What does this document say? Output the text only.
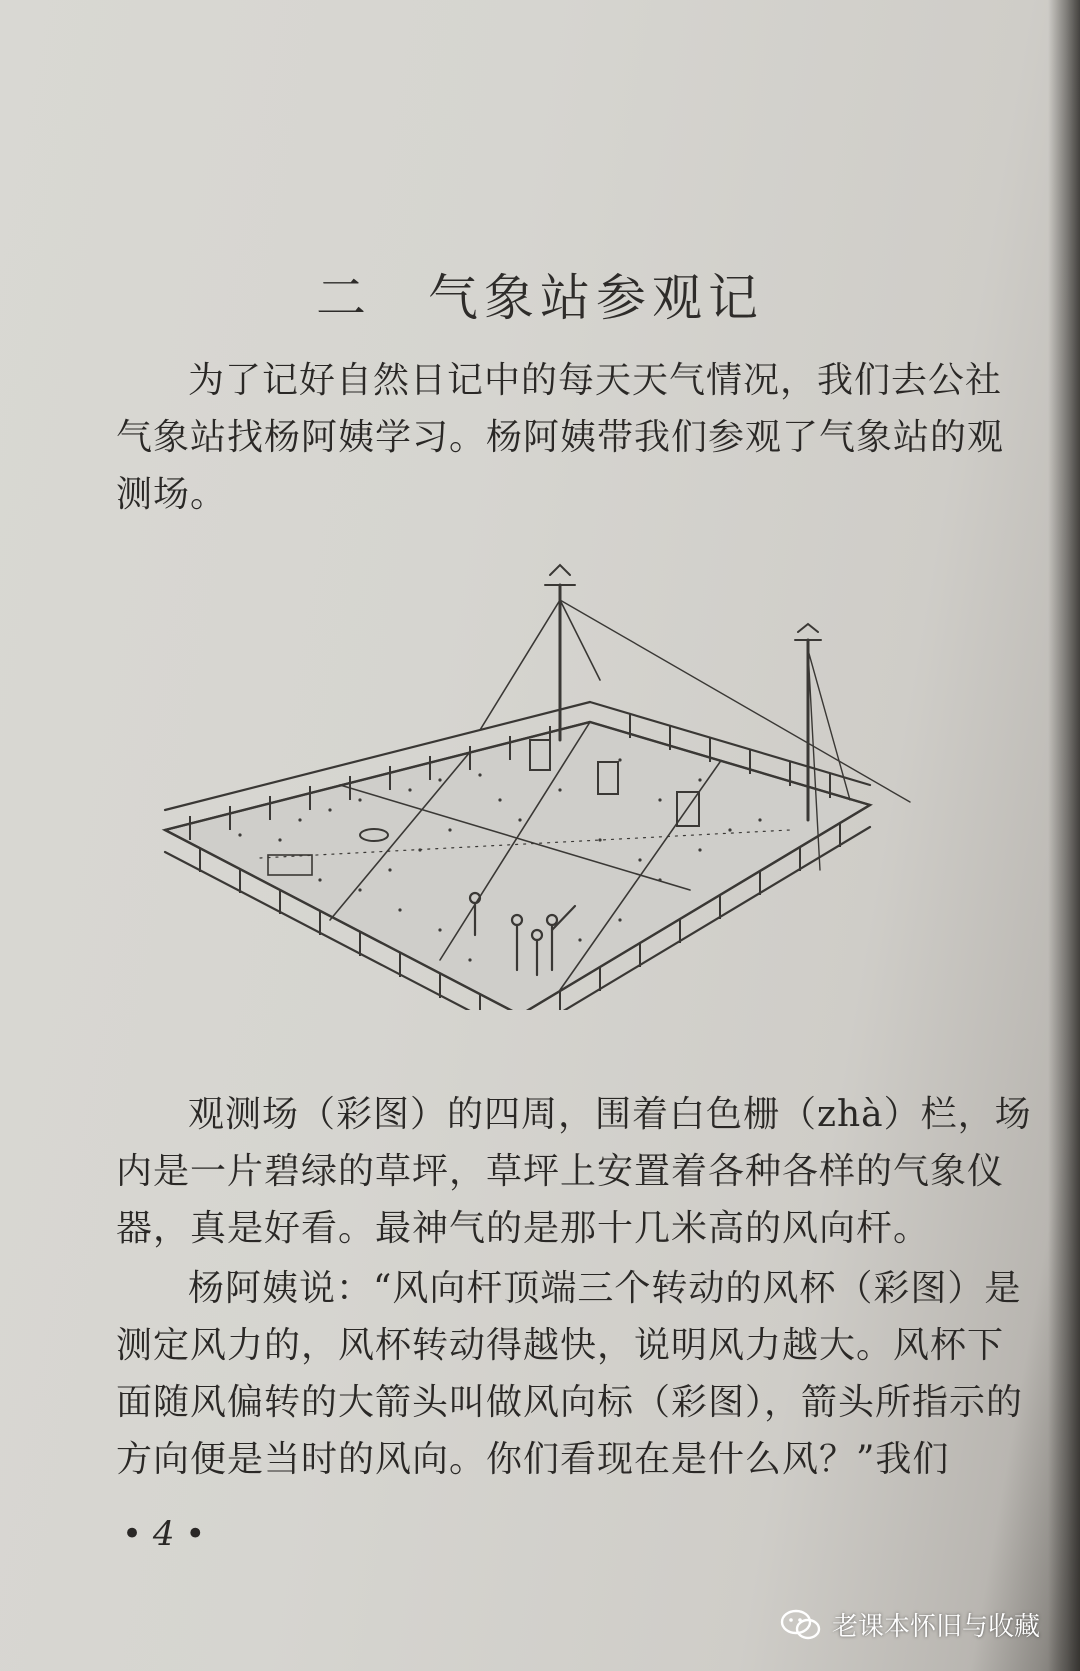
二　气象站参观记
为了记好自然日记中的每天天气情况，我们去公社气象站找杨阿姨学习。杨阿姨带我们参观了气象站的观测场。
观测场（彩图）的四周，围着白色栅（zhà）栏，场内是一片碧绿的草坪，草坪上安置着各种各样的气象仪器，真是好看。最神气的是那十几米高的风向杆。
杨阿姨说：“风向杆顶端三个转动的风杯（彩图）是测定风力的，风杯转动得越快，说明风力越大。风杯下面随风偏转的大箭头叫做风向标（彩图），箭头所指示的方向便是当时的风向。你们看现在是什么风？”我们
• 4 •
老课本怀旧与收藏
